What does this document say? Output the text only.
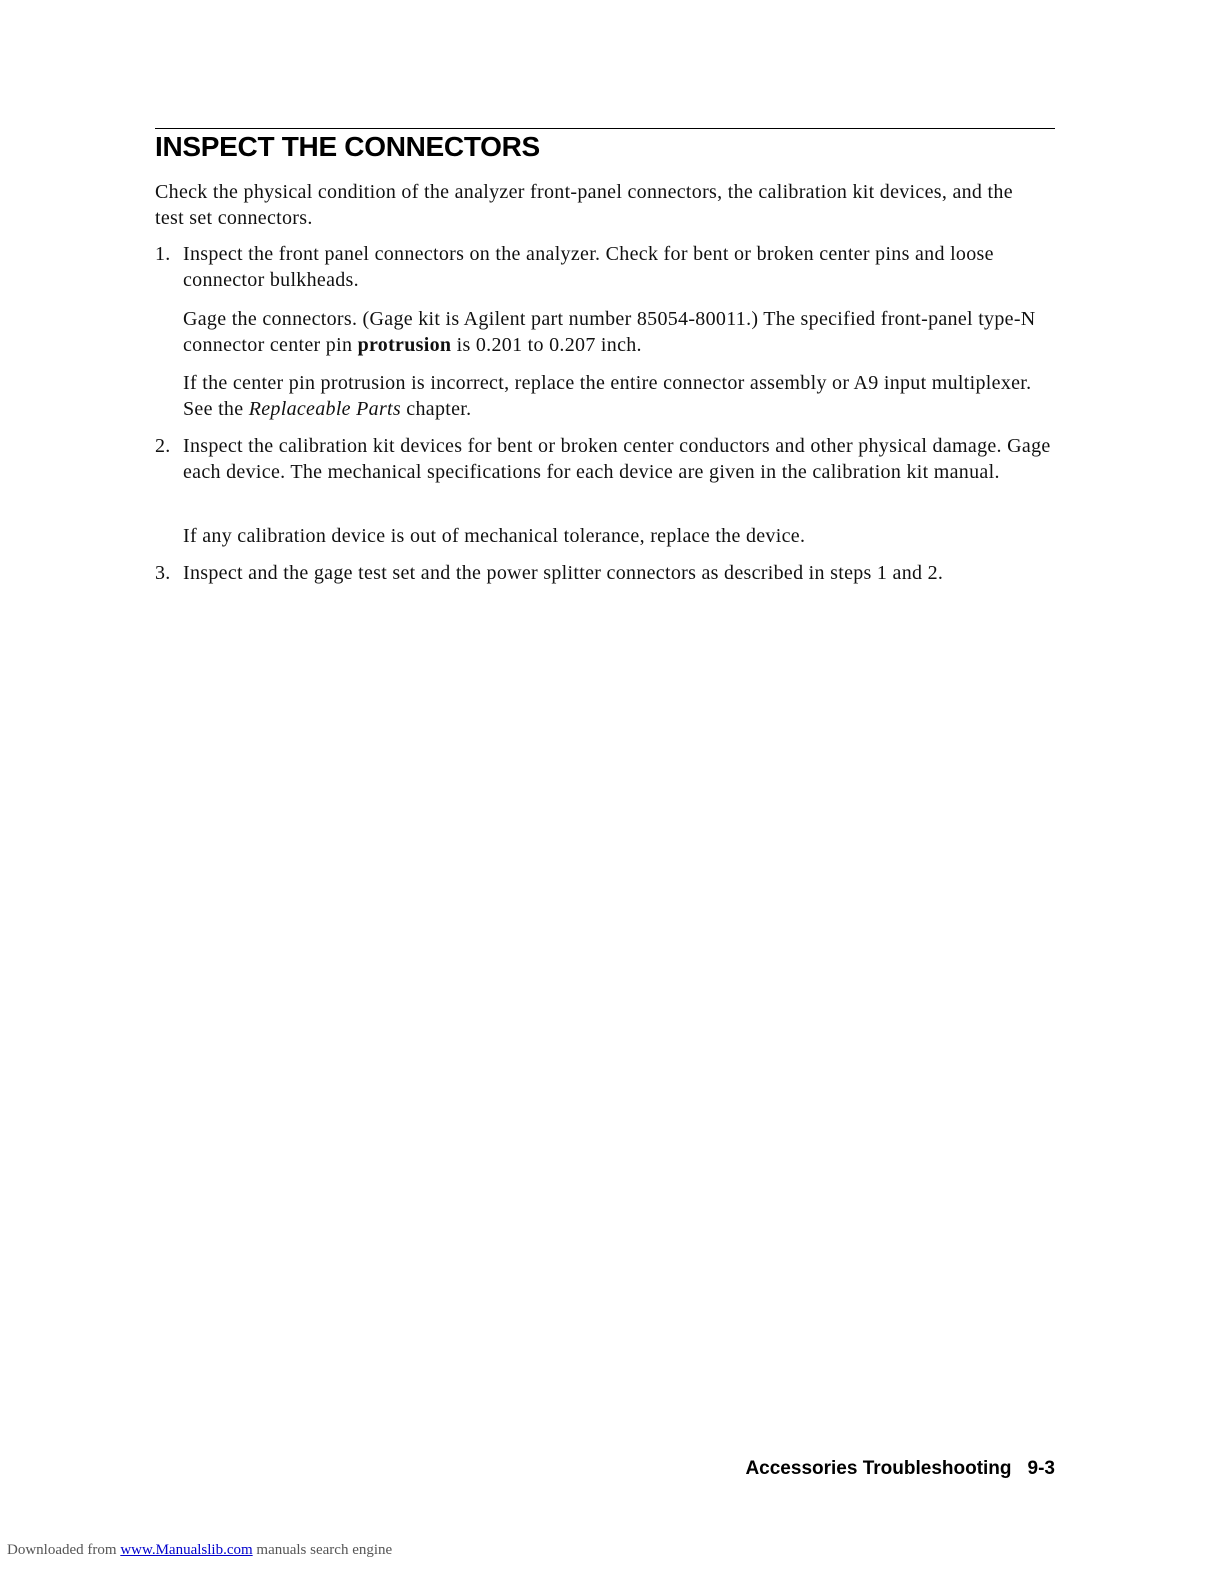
INSPECT THE CONNECTORS
Check the physical condition of the analyzer front-panel connectors, the calibration kit devices, and the test set connectors.
1. Inspect the front panel connectors on the analyzer. Check for bent or broken center pins and loose connector bulkheads.
Gage the connectors. (Gage kit is Agilent part number 85054-80011.) The specified front-panel type-N connector center pin protrusion is 0.201 to 0.207 inch.
If the center pin protrusion is incorrect, replace the entire connector assembly or A9 input multiplexer. See the Replaceable Parts chapter.
2. Inspect the calibration kit devices for bent or broken center conductors and other physical damage. Gage each device. The mechanical specifications for each device are given in the calibration kit manual.
If any calibration device is out of mechanical tolerance, replace the device.
3. Inspect and the gage test set and the power splitter connectors as described in steps 1 and 2.
Accessories Troubleshooting 9-3
Downloaded from www.Manualslib.com manuals search engine
